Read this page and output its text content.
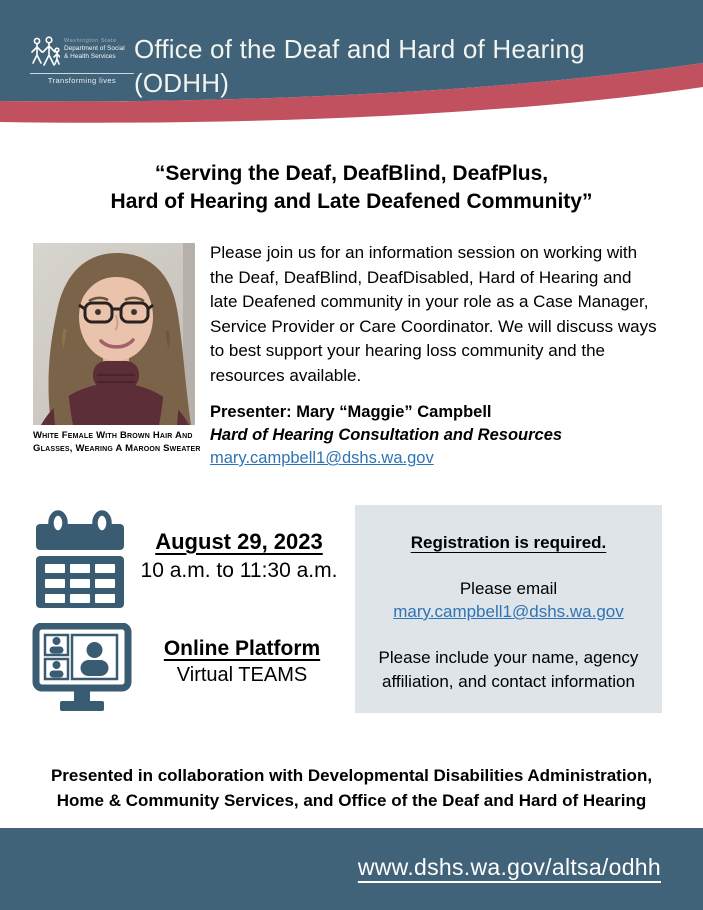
Washington State
Department of Social
& Health Services
Transforming lives
Office of the Deaf and Hard of Hearing
(ODHH)
“Serving the Deaf, DeafBlind, DeafPlus,
Hard of Hearing and Late Deafened Community”
White Female With Brown Hair And
Glasses, Wearing A Maroon Sweater
Please join us for an information session on working with the Deaf, DeafBlind, DeafDisabled, Hard of Hearing and late Deafened community in your role as a Case Manager, Service Provider or Care Coordinator. We will discuss ways to best support your hearing loss community and the resources available.
Presenter: Mary “Maggie” Campbell
Hard of Hearing Consultation and Resources
mary.campbell1@dshs.wa.gov
August 29, 2023
10 a.m. to 11:30 a.m.
Registration is required.
Please email
mary.campbell1@dshs.wa.gov
Please include your name, agency
affiliation, and contact information
Online Platform
Virtual TEAMS
Presented in collaboration with Developmental Disabilities Administration,
Home & Community Services, and Office of the Deaf and Hard of Hearing
www.dshs.wa.gov/altsa/odhh
